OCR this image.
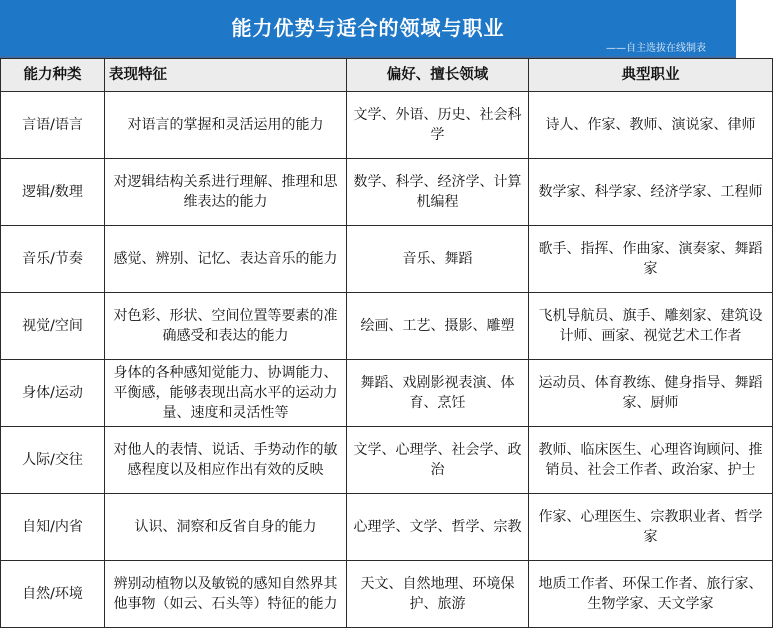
能力优势与适合的领域与职业
——自主选拔在线制表
能力种类	表现特征	偏好、擅长领域	典型职业
言语/语言	对语言的掌握和灵活运用的能力	文学、外语、历史、社会科学	诗人、作家、教师、演说家、律师
逻辑/数理	对逻辑结构关系进行理解、推理和思维表达的能力	数学、科学、经济学、计算机编程	数学家、科学家、经济学家、工程师
音乐/节奏	感觉、辨别、记忆、表达音乐的能力	音乐、舞蹈	歌手、指挥、作曲家、演奏家、舞蹈家
视觉/空间	对色彩、形状、空间位置等要素的准确感受和表达的能力	绘画、工艺、摄影、雕塑	飞机导航员、旗手、雕刻家、建筑设计师、画家、视觉艺术工作者
身体/运动	身体的各种感知觉能力、协调能力、平衡感，能够表现出高水平的运动力量、速度和灵活性等	舞蹈、戏剧影视表演、体育、烹饪	运动员、体育教练、健身指导、舞蹈家、厨师
人际/交往	对他人的表情、说话、手势动作的敏感程度以及相应作出有效的反映	文学、心理学、社会学、政治	教师、临床医生、心理咨询顾问、推销员、社会工作者、政治家、护士
自知/内省	认识、洞察和反省自身的能力	心理学、文学、哲学、宗教	作家、心理医生、宗教职业者、哲学家
自然/环境	辨别动植物以及敏锐的感知自然界其他事物（如云、石头等）特征的能力	天文、自然地理、环境保护、旅游	地质工作者、环保工作者、旅行家、生物学家、天文学家
